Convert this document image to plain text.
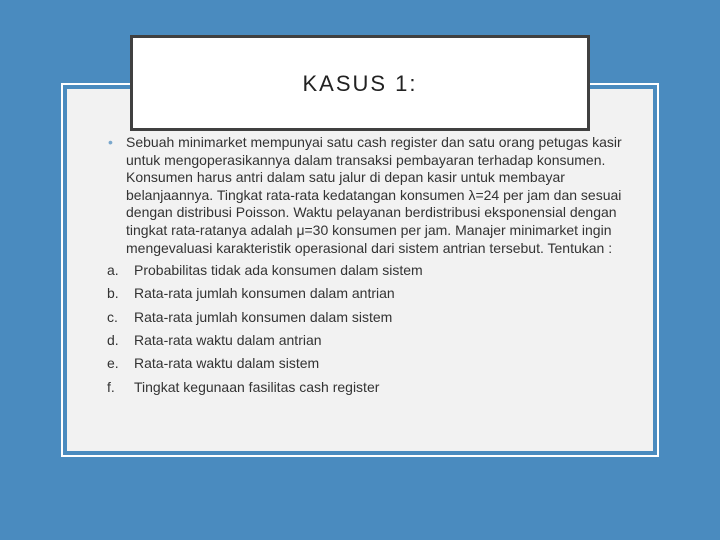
KASUS 1:
• Sebuah minimarket mempunyai satu cash register dan satu orang petugas kasir untuk mengoperasikannya dalam transaksi pembayaran terhadap konsumen. Konsumen harus antri dalam satu jalur di depan kasir untuk membayar belanjaannya. Tingkat rata-rata kedatangan konsumen λ=24 per jam dan sesuai dengan distribusi Poisson. Waktu pelayanan berdistribusi eksponensial dengan tingkat rata-ratanya adalah μ=30 konsumen per jam. Manajer minimarket ingin mengevaluasi karakteristik operasional dari sistem antrian tersebut. Tentukan :
a. Probabilitas tidak ada konsumen dalam sistem
b. Rata-rata jumlah konsumen dalam antrian
c. Rata-rata jumlah konsumen dalam sistem
d. Rata-rata waktu dalam antrian
e. Rata-rata waktu dalam sistem
f. Tingkat kegunaan fasilitas cash register
